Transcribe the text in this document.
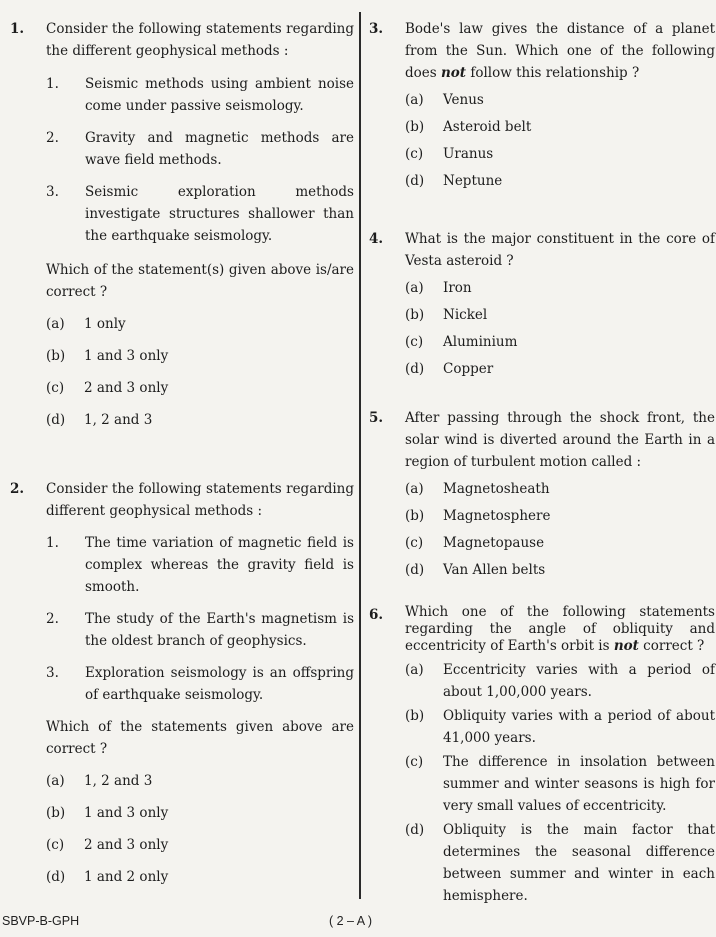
1.	Consider the following statements regarding the different geophysical methods :
1.	Seismic methods using ambient noise come under passive seismology.
2.	Gravity and magnetic methods are wave field methods.
3.	Seismic exploration methods investigate structures shallower than the earthquake seismology.
Which of the statement(s) given above is/are correct ?
(a)	1 only
(b)	1 and 3 only
(c)	2 and 3 only
(d)	1, 2 and 3
2.	Consider the following statements regarding different geophysical methods :
1.	The time variation of magnetic field is complex whereas the gravity field is smooth.
2.	The study of the Earth's magnetism is the oldest branch of geophysics.
3.	Exploration seismology is an offspring of earthquake seismology.
Which of the statements given above are correct ?
(a)	1, 2 and 3
(b)	1 and 3 only
(c)	2 and 3 only
(d)	1 and 2 only
3.	Bode's law gives the distance of a planet from the Sun. Which one of the following does not follow this relationship ?
(a)	Venus
(b)	Asteroid belt
(c)	Uranus
(d)	Neptune
4.	What is the major constituent in the core of Vesta asteroid ?
(a)	Iron
(b)	Nickel
(c)	Aluminium
(d)	Copper
5.	After passing through the shock front, the solar wind is diverted around the Earth in a region of turbulent motion called :
(a)	Magnetosheath
(b)	Magnetosphere
(c)	Magnetopause
(d)	Van Allen belts
6.	Which one of the following statements regarding the angle of obliquity and eccentricity of Earth's orbit is not correct ?
(a)	Eccentricity varies with a period of about 1,00,000 years.
(b)	Obliquity varies with a period of about 41,000 years.
(c)	The difference in insolation between summer and winter seasons is high for very small values of eccentricity.
(d)	Obliquity is the main factor that determines the seasonal difference between summer and winter in each hemisphere.
SBVP-B-GPH	( 2 – A )
